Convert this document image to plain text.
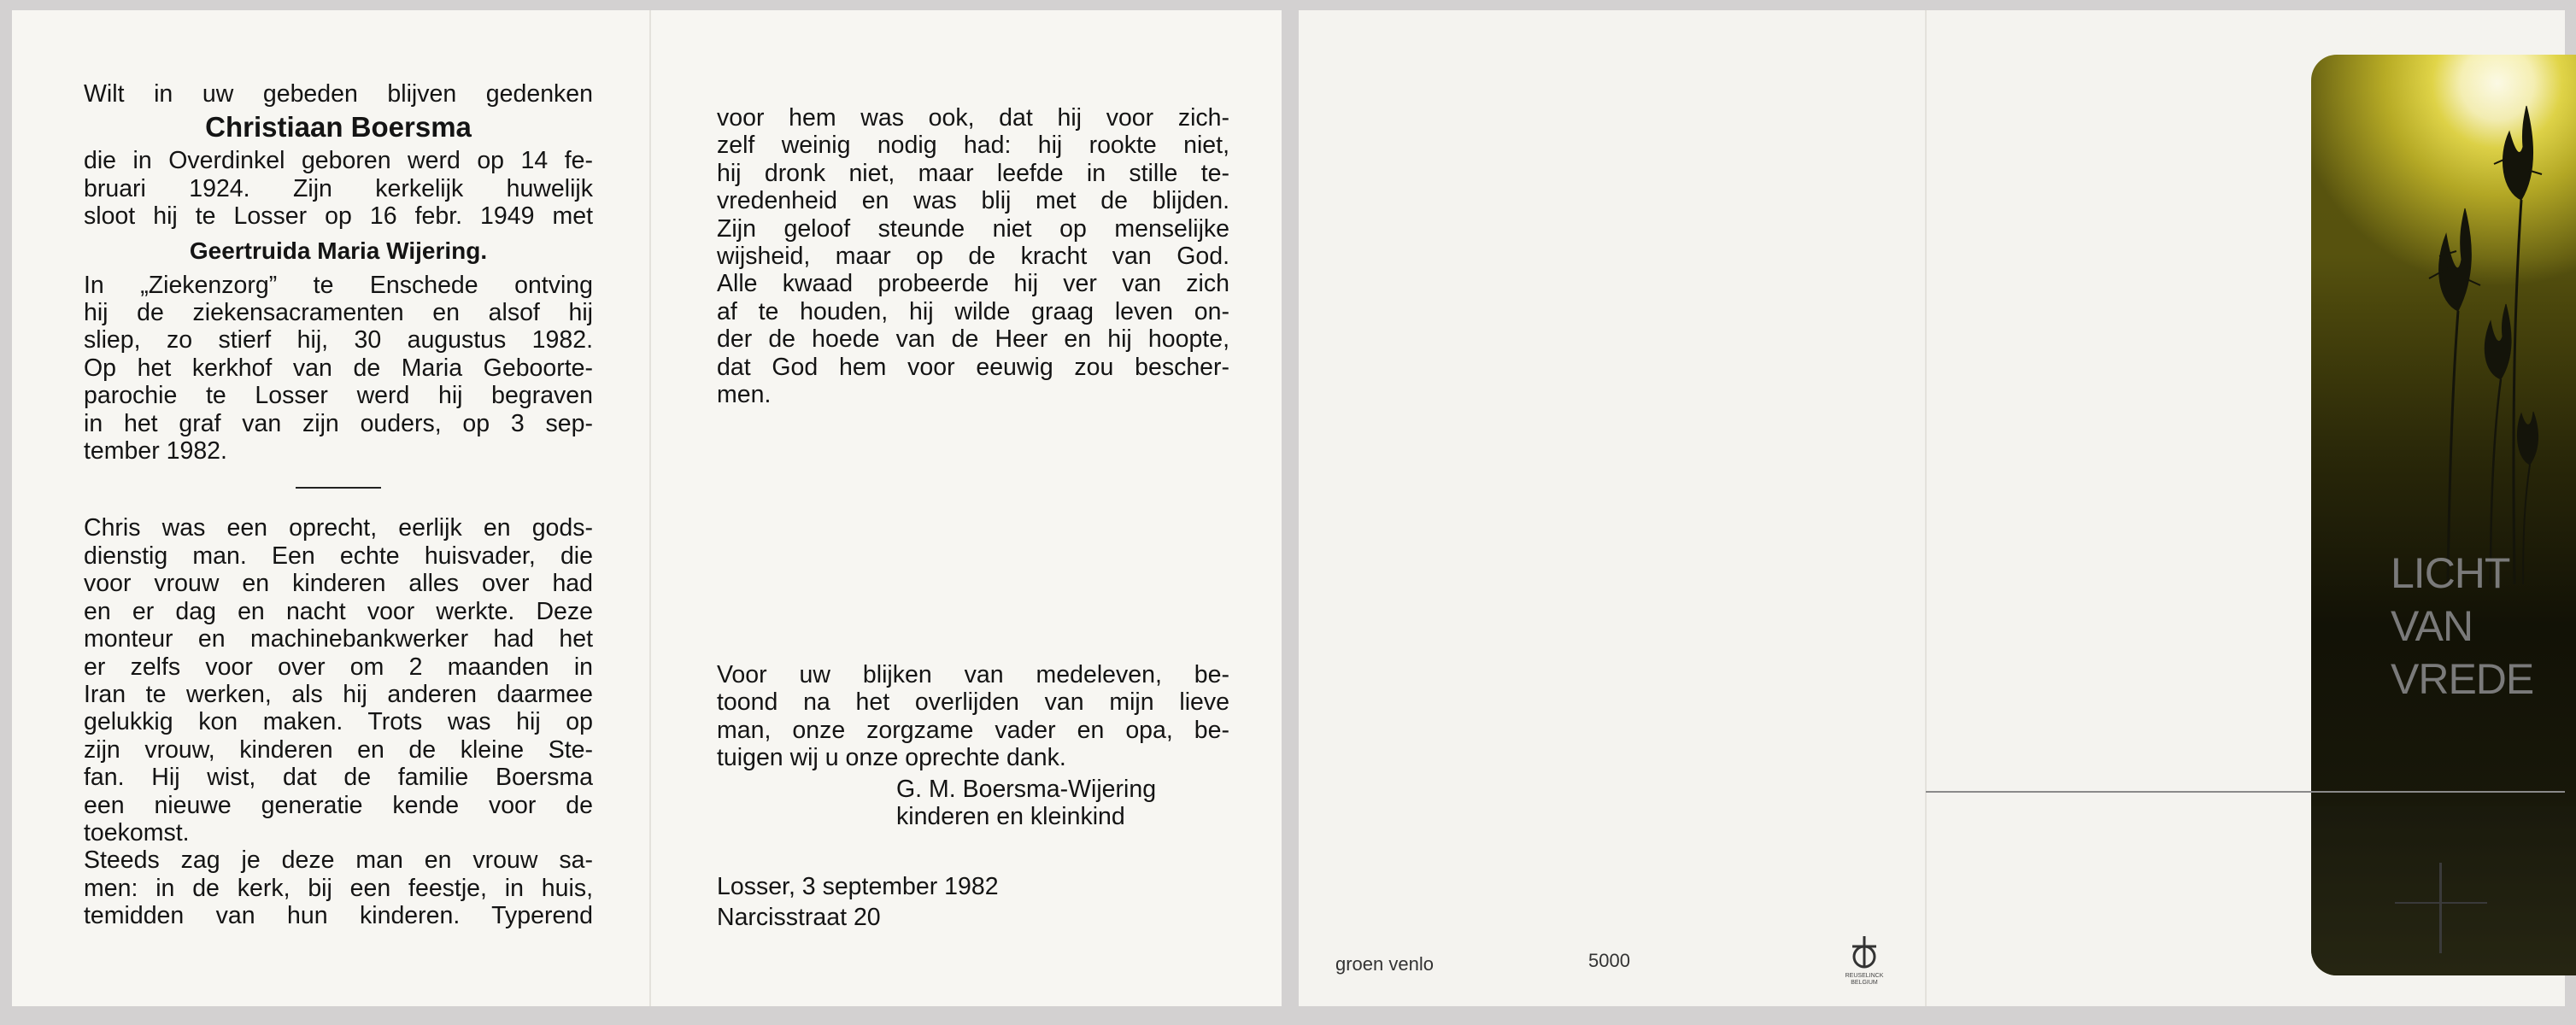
Wilt in uw gebeden blijven gedenken

Christiaan Boersma

die in Overdinkel geboren werd op 14 fe-

bruari 1924. Zijn kerkelijk huwelijk

sloot hij te Losser op 16 febr. 1949 met

Geertruida Maria Wijering.

In „Ziekenzorg” te Enschede ontving

hij de ziekensacramenten en alsof hij

sliep, zo stierf hij, 30 augustus 1982.

Op het kerkhof van de Maria Geboorte-

parochie te Losser werd hij begraven

in het graf van zijn ouders, op 3 sep-

tember 1982.

Chris was een oprecht, eerlijk en gods-

dienstig man. Een echte huisvader, die

voor vrouw en kinderen alles over had

en er dag en nacht voor werkte. Deze

monteur en machinebankwerker had het

er zelfs voor over om 2 maanden in

Iran te werken, als hij anderen daarmee

gelukkig kon maken. Trots was hij op

zijn vrouw, kinderen en de kleine Ste-

fan. Hij wist, dat de familie Boersma

een nieuwe generatie kende voor de

toekomst.

Steeds zag je deze man en vrouw sa-

men: in de kerk, bij een feestje, in huis,

temidden van hun kinderen. Typerend

voor hem was ook, dat hij voor zich-

zelf weinig nodig had: hij rookte niet,

hij dronk niet, maar leefde in stille te-

vredenheid en was blij met de blijden.

Zijn geloof steunde niet op menselijke

wijsheid, maar op de kracht van God.

Alle kwaad probeerde hij ver van zich

af te houden, hij wilde graag leven on-

der de hoede van de Heer en hij hoopte,

dat God hem voor eeuwig zou bescher-

men.

Voor uw blijken van medeleven, be-

toond na het overlijden van mijn lieve

man, onze zorgzame vader en opa, be-

tuigen wij u onze oprechte dank.

G. M. Boersma-Wijering

kinderen en kleinkind

Losser, 3 september 1982

Narcisstraat 20

groen venlo	5000
REUSELINCK
BELGIUM
LICHT
VAN
VREDE
